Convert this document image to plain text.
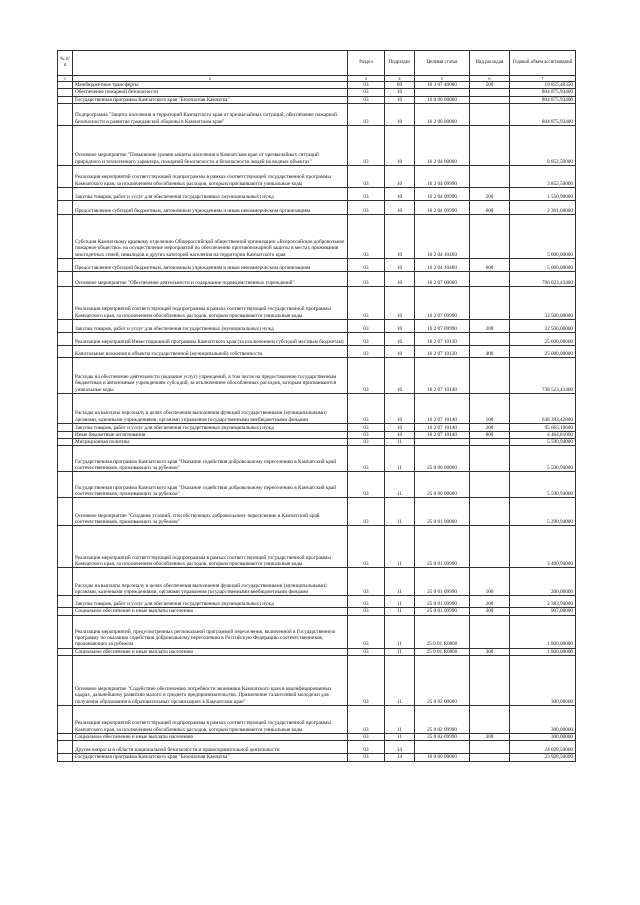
№ п/п		Раздел	Подраздел	Целевая статья	Вид расходов	Годовой объем ассигнований
1	2	3	4	5	6	7
	Межбюджетные трансферты	03	09	16 3 07 40080	500	19 855,40350
	Обеспечение пожарной безопасности	03	10			804 875,93400
	Государственная программа Камчатского края "Безопасная Камчатка"	03	10	16 0 00 00000		804 875,93400
	Подпрограмма "Защита населения и территорий Камчатского края от чрезвычайных ситуаций, обеспечение пожарной безопасности и развитие гражданской обороны в Камчатском крае"	03	10	16 2 00 00000		804 875,93400
	Основное мероприятие "Повышение уровня защиты населения в Камчатском крае от чрезвычайных ситуаций природного и техногенного характера, пожарной безопасности и безопасности людей на водных объектах"	03	10	16 2 04 00000		8 852,50000
	Реализация мероприятий соответствующей подпрограммы в рамках соответствующей государственной программы Камчатского края, за исключением обособленных расходов, которым присваиваются уникальные коды	03	10	16 2 04 09990		3 852,50000
	Закупка товаров, работ и услуг для обеспечения государственных (муниципальных) нужд	03	10	16 2 04 09990	200	1 550,90000
	Предоставление субсидий бюджетным, автономным учреждениям и иным некоммерческим организациям	03	10	16 2 04 09990	600	2 301,60000
	Субсидия Камчатскому краевому отделению Общероссийской общественной организации «Всероссийское добровольное пожарное общество» на осуществление мероприятий по обеспечению противопожарной защиты в местах проживания многодетных семей, инвалидов и других категорий населения на территории Камчатского края	03	10	16 2 04 10460		5 000,00000
	Предоставление субсидий бюджетным, автономным учреждениям и иным некоммерческим организациям	03	10	16 2 04 10460	600	5 000,00000
	Основное мероприятие "Обеспечение деятельности и содержание подведомственных учреждений"	03	10	16 2 07 00000		796 023,43400
	Реализация мероприятий соответствующей подпрограммы в рамках соответствующей государственной программы Камчатского края, за исключением обособленных расходов, которым присваиваются уникальные коды	03	10	16 2 07 09990		32 500,00000
	Закупка товаров, работ и услуг для обеспечения государственных (муниципальных) нужд	03	10	16 2 07 09990	200	32 500,00000
	Реализация мероприятий Инвестиционной программы Камчатского края (за исключением субсидий местным бюджетам)	03	10	16 2 07 10130		25 000,00000
	Капитальные вложения в объекты государственной (муниципальной) собственности	03	10	16 2 07 10130	400	25 000,00000
	Расходы на обеспечение деятельности (оказание услуг) учреждений, в том числе на предоставление государственным бюджетным и автономным учреждениям субсидий, за исключением обособленных расходов, которым присваиваются уникальные коды	03	10	16 2 07 10140		738 523,43400
	Расходы на выплаты персоналу в целях обеспечения выполнения функций государственными (муниципальными) органами, казенными учреждениями, органами управления государственными внебюджетными фондами	03	10	16 2 07 10140	100	638 393,42800
	Закупка товаров, работ и услуг для обеспечения государственных (муниципальных) нужд	03	10	16 2 07 10140	200	95 665,19600
	Иные бюджетные ассигнования	03	10	16 2 07 10140	800	4 464,81000
	Миграционная политика	03	11			5 590,94000
	Государственная программа Камчатского края "Оказание содействия добровольному переселению в Камчатский край соотечественников, проживающих за рубежом"	03	11	25 0 00 00000		5 590,94000
	Государственная программа Камчатского края "Оказание содействия добровольному переселению в Камчатский край соотечественников, проживающих за рубежом"	03	11	25 0 00 00000		5 590,94000
	Основное мероприятие "Создание условий, способствующих добровольному переселению в Камчатский край соотечественников, проживающих за рубежом"	03	11	25 0 01 00000		5 290,94000
	Реализация мероприятий соответствующей подпрограммы в рамках соответствующей государственной программы Камчатского края, за исключением обособленных расходов, которым присваиваются уникальные коды	03	11	25 0 01 09990		3 490,94000
	Расходы на выплаты персоналу в целях обеспечения выполнения функций государственными (муниципальными) органами, казенными учреждениями, органами управления государственными внебюджетными фондами	03	11	25 0 01 09990	100	200,00000
	Закупка товаров, работ и услуг для обеспечения государственных (муниципальных) нужд	03	11	25 0 01 09990	200	2 383,94000
	Социальное обеспечение и иные выплаты населению	03	11	25 0 01 09990	300	907,00000
	Реализация мероприятий, предусмотренных региональной программой переселения, включенной в Государственную программу по оказанию содействия добровольному переселению в Российскую Федерацию соотечественников, проживающих за рубежом	03	11	25 0 01 R0860		1 800,00000
	Социальное обеспечение и иные выплаты населению	03	11	25 0 01 R0860	300	1 800,00000
	Основное мероприятие "Содействие обеспечению потребности экономики Камчатского края в квалифицированных кадрах, дальнейшему развитию малого и среднего предпринимательства. Привлечение талантливой молодежи для получения образования в образовательных организациях в Камчатском крае"	03	11	25 0 02 00000		300,00000
	Реализация мероприятий соответствующей подпрограммы в рамках соответствующей государственной программы Камчатского края, за исключением обособленных расходов, которым присваиваются уникальные коды	03	11	25 0 02 09990		300,00000
	Социальное обеспечение и иные выплаты населению	03	11	25 0 02 09990	300	300,00000
	Другие вопросы в области национальной безопасности и правоохранительной деятельности	03	14			24 028,50000
	Государственная программа Камчатского края "Безопасная Камчатка"	03	14	16 0 00 00000		23 928,50000
